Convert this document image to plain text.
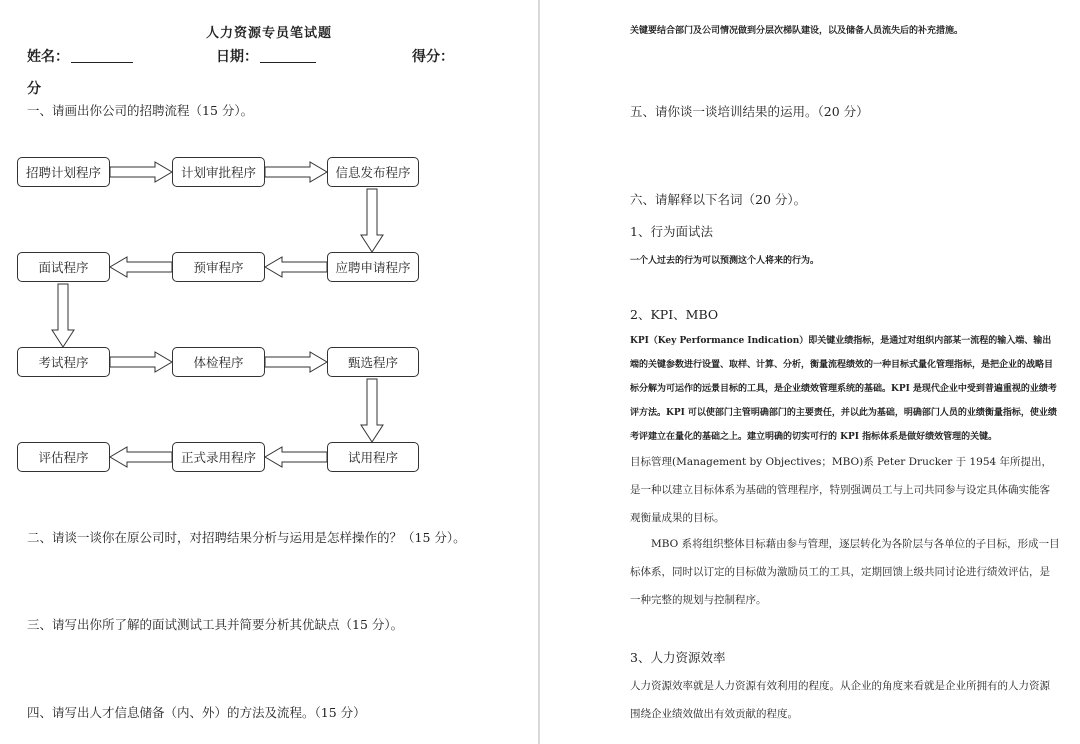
人力资源专员笔试题
姓名：	日期：	得分：
分
一、请画出你公司的招聘流程（15 分）。
招聘计划程序	计划审批程序	信息发布程序
面试程序	预审程序	应聘申请程序
考试程序	体检程序	甄选程序
评估程序	正式录用程序	试用程序
二、请谈一谈你在原公司时，对招聘结果分析与运用是怎样操作的？（15 分）。
三、请写出你所了解的面试测试工具并简要分析其优缺点（15 分）。
四、请写出人才信息储备（内、外）的方法及流程。（15 分）
关键要结合部门及公司情况做到分层次梯队建设，以及储备人员流失后的补充措施。
五、请你谈一谈培训结果的运用。（20 分）
六、请解释以下名词（20 分）。
1、行为面试法
一个人过去的行为可以预测这个人将来的行为。
2、KPI、MBO
KPI（Key Performance Indication）即关键业绩指标，是通过对组织内部某一流程的输入端、输出端的关键参数进行设置、取样、计算、分析，衡量流程绩效的一种目标式量化管理指标，是把企业的战略目标分解为可运作的远景目标的工具，是企业绩效管理系统的基础。KPI 是现代企业中受到普遍重视的业绩考评方法。KPI 可以使部门主管明确部门的主要责任，并以此为基础，明确部门人员的业绩衡量指标，使业绩考评建立在量化的基础之上。建立明确的切实可行的 KPI 指标体系是做好绩效管理的关键。
目标管理(Management by Objectives；MBO)系 Peter Drucker 于 1954 年所提出，是一种以建立目标体系为基础的管理程序，特别强调员工与上司共同参与设定具体确实能客观衡量成果的目标。
MBO 系将组织整体目标藉由参与管理，逐层转化为各阶层与各单位的子目标，形成一目标体系，同时以订定的目标做为激励员工的工具，定期回馈上级共同讨论进行绩效评估，是一种完整的规划与控制程序。
3、人力资源效率
人力资源效率就是人力资源有效利用的程度。从企业的角度来看就是企业所拥有的人力资源围绕企业绩效做出有效贡献的程度。
